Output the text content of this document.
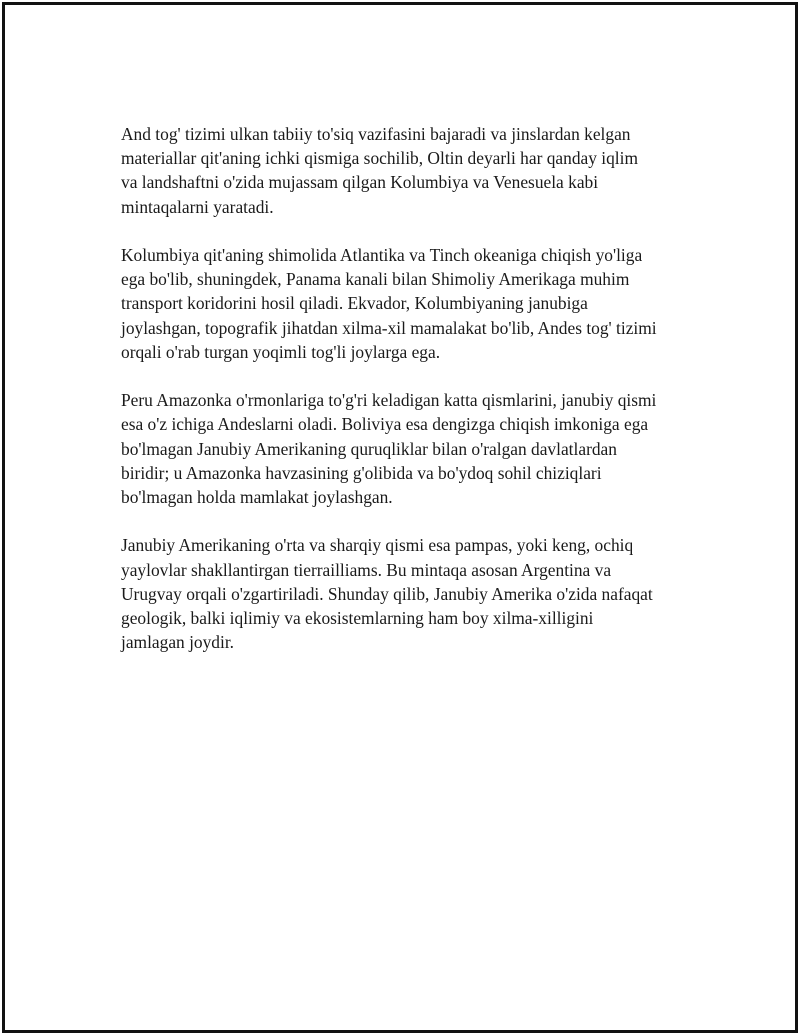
And tog' tizimi ulkan tabiiy to'siq vazifasini bajaradi va jinslardan kelgan
materiallar qit'aning ichki qismiga sochilib, Oltin deyarli har qanday iqlim
va landshaftni o'zida mujassam qilgan Kolumbiya va Venesuela kabi
mintaqalarni yaratadi.

Kolumbiya qit'aning shimolida Atlantika va Tinch okeaniga chiqish yo'liga
ega bo'lib, shuningdek, Panama kanali bilan Shimoliy Amerikaga muhim
transport koridorini hosil qiladi. Ekvador, Kolumbiyaning janubiga
joylashgan, topografik jihatdan xilma-xil mamalakat bo'lib, Andes tog' tizimi
orqali o'rab turgan yoqimli tog'li joylarga ega.

Peru Amazonka o'rmonlariga to'g'ri keladigan katta qismlarini, janubiy qismi
esa o'z ichiga Andeslarni oladi. Boliviya esa dengizga chiqish imkoniga ega
bo'lmagan Janubiy Amerikaning quruqliklar bilan o'ralgan davlatlardan
biridir; u Amazonka havzasining g'olibida va bo'ydoq sohil chiziqlari
bo'lmagan holda mamlakat joylashgan.

Janubiy Amerikaning o'rta va sharqiy qismi esa pampas, yoki keng, ochiq
yaylovlar shakllantirgan tierrailliams. Bu mintaqa asosan Argentina va
Urugvay orqali o'zgartiriladi. Shunday qilib, Janubiy Amerika o'zida nafaqat
geologik, balki iqlimiy va ekosistemlarning ham boy xilma-xilligini
jamlagan joydir.
